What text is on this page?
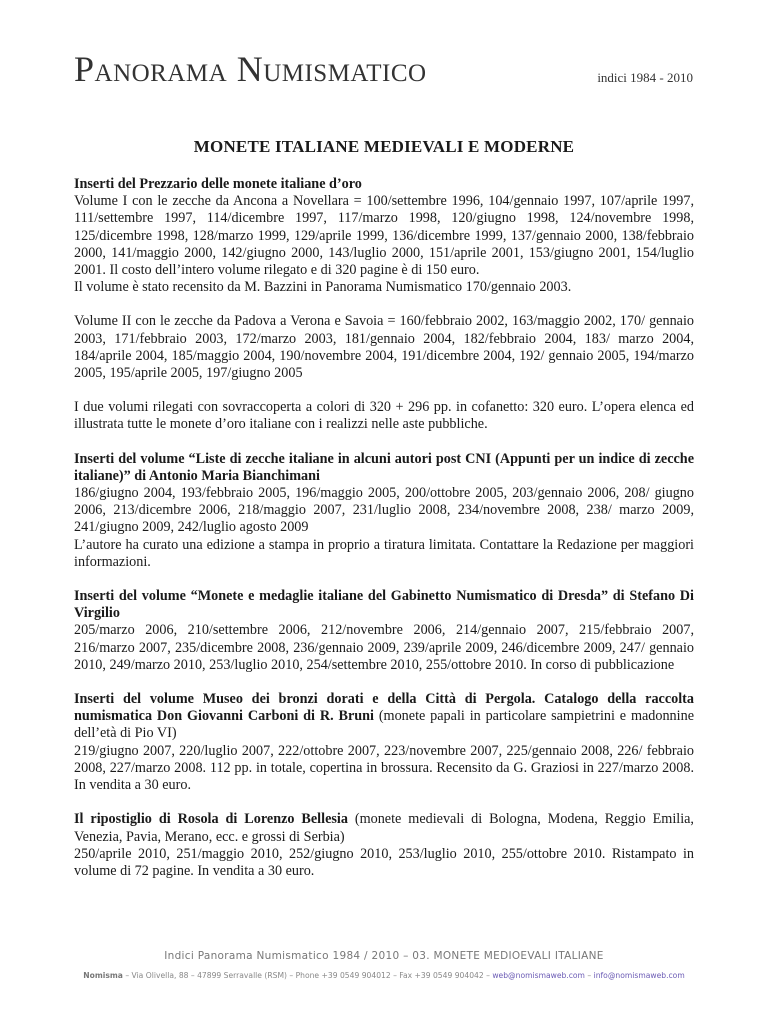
Panorama Numismatico	indici 1984 - 2010
MONETE ITALIANE MEDIEVALI E MODERNE

Inserti del Prezzario delle monete italiane d’oro

Volume I con le zecche da Ancona a Novellara = 100/settembre 1996, 104/gennaio 1997, 107/aprile 1997, 111/settembre 1997, 114/dicembre 1997, 117/marzo 1998, 120/giugno 1998, 124/novembre 1998, 125/dicembre 1998, 128/marzo 1999, 129/aprile 1999, 136/dicembre 1999, 137/gennaio 2000, 138/febbraio 2000, 141/maggio 2000, 142/giugno 2000, 143/luglio 2000, 151/aprile 2001, 153/giugno 2001, 154/luglio 2001. Il costo dell’intero volume rilegato e di 320 pagine è di 150 euro.

Il volume è stato recensito da M. Bazzini in Panorama Numismatico 170/gennaio 2003.

Volume II con le zecche da Padova a Verona e Savoia = 160/febbraio 2002, 163/maggio 2002, 170/ gennaio 2003, 171/febbraio 2003, 172/marzo 2003, 181/gennaio 2004, 182/febbraio 2004, 183/ marzo 2004, 184/aprile 2004, 185/maggio 2004, 190/novembre 2004, 191/dicembre 2004, 192/ gennaio 2005, 194/marzo 2005, 195/aprile 2005, 197/giugno 2005

I due volumi rilegati con sovraccoperta a colori di 320 + 296 pp. in cofanetto: 320 euro. L’opera elenca ed illustrata tutte le monete d’oro italiane con i realizzi nelle aste pubbliche.

Inserti del volume “Liste di zecche italiane in alcuni autori post CNI (Appunti per un indice di zecche italiane)” di Antonio Maria Bianchimani

186/giugno 2004, 193/febbraio 2005, 196/maggio 2005, 200/ottobre 2005, 203/gennaio 2006, 208/ giugno 2006, 213/dicembre 2006, 218/maggio 2007, 231/luglio 2008, 234/novembre 2008, 238/ marzo 2009, 241/giugno 2009, 242/luglio agosto 2009

L’autore ha curato una edizione a stampa in proprio a tiratura limitata. Contattare la Redazione per maggiori informazioni.

Inserti del volume “Monete e medaglie italiane del Gabinetto Numismatico di Dresda” di Stefano Di Virgilio

205/marzo 2006, 210/settembre 2006, 212/novembre 2006, 214/gennaio 2007, 215/febbraio 2007, 216/marzo 2007, 235/dicembre 2008, 236/gennaio 2009, 239/aprile 2009, 246/dicembre 2009, 247/ gennaio 2010, 249/marzo 2010, 253/luglio 2010, 254/settembre 2010, 255/ottobre 2010. In corso di pubblicazione

Inserti del volume Museo dei bronzi dorati e della Città di Pergola. Catalogo della raccolta numismatica Don Giovanni Carboni di R. Bruni (monete papali in particolare sampietrini e madonnine dell’età di Pio VI)

219/giugno 2007, 220/luglio 2007, 222/ottobre 2007, 223/novembre 2007, 225/gennaio 2008, 226/ febbraio 2008, 227/marzo 2008. 112 pp. in totale, copertina in brossura. Recensito da G. Graziosi in 227/marzo 2008. In vendita a 30 euro.

Il ripostiglio di Rosola di Lorenzo Bellesia (monete medievali di Bologna, Modena, Reggio Emilia, Venezia, Pavia, Merano, ecc. e grossi di Serbia)

250/aprile 2010, 251/maggio 2010, 252/giugno 2010, 253/luglio 2010, 255/ottobre 2010. Ristampato in volume di 72 pagine. In vendita a 30 euro.

Indici Panorama Numismatico 1984 / 2010 – 03. MONETE MEDIOEVALI ITALIANE
Nomisma – Via Olivella, 88 – 47899 Serravalle (RSM) – Phone +39 0549 904012 – Fax +39 0549 904042 – web@nomismaweb.com – info@nomismaweb.com
